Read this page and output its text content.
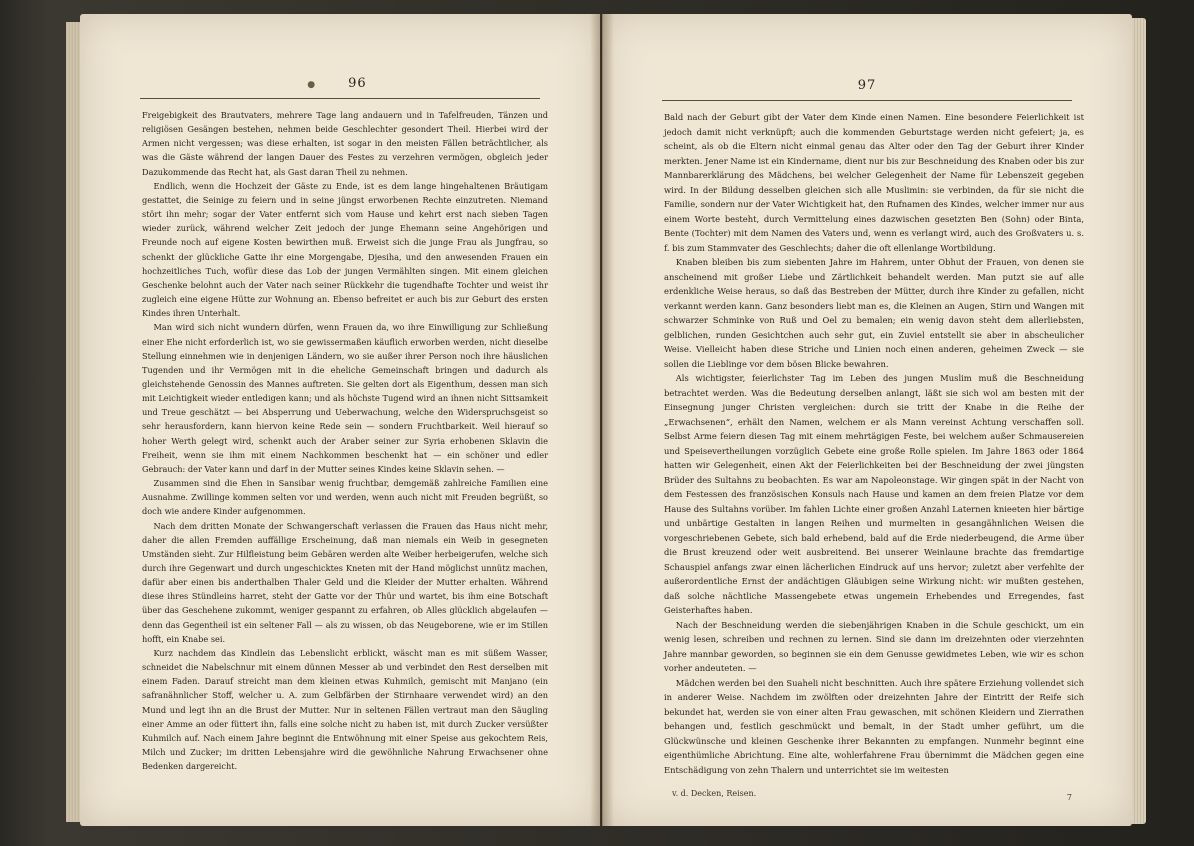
● 96

Freigebigkeit des Brautvaters, mehrere Tage lang andauern und in Tafelfreuden, Tänzen und religiösen Gesängen bestehen, nehmen beide Geschlechter gesondert Theil. Hierbei wird der Armen nicht vergessen; was diese erhalten, ist sogar in den meisten Fällen beträchtlicher, als was die Gäste während der langen Dauer des Festes zu verzehren vermögen, obgleich jeder Dazukommende das Recht hat, als Gast daran Theil zu nehmen.

Endlich, wenn die Hochzeit der Gäste zu Ende, ist es dem lange hingehaltenen Bräutigam gestattet, die Seinige zu feiern und in seine jüngst erworbenen Rechte einzutreten. Niemand stört ihn mehr; sogar der Vater entfernt sich vom Hause und kehrt erst nach sieben Tagen wieder zurück, während welcher Zeit jedoch der junge Ehemann seine Angehörigen und Freunde noch auf eigene Kosten bewirthen muß. Erweist sich die junge Frau als Jungfrau, so schenkt der glückliche Gatte ihr eine Morgengabe, Djesiha, und den anwesenden Frauen ein hochzeitliches Tuch, wofür diese das Lob der jungen Vermählten singen. Mit einem gleichen Geschenke belohnt auch der Vater nach seiner Rückkehr die tugendhafte Tochter und weist ihr zugleich eine eigene Hütte zur Wohnung an. Ebenso befreitet er auch bis zur Geburt des ersten Kindes ihren Unterhalt.

Man wird sich nicht wundern dürfen, wenn Frauen da, wo ihre Einwilligung zur Schließung einer Ehe nicht erforderlich ist, wo sie gewissermaßen käuflich erworben werden, nicht dieselbe Stellung einnehmen wie in denjenigen Ländern, wo sie außer ihrer Person noch ihre häuslichen Tugenden und ihr Vermögen mit in die eheliche Gemeinschaft bringen und dadurch als gleichstehende Genossin des Mannes auftreten. Sie gelten dort als Eigenthum, dessen man sich mit Leichtigkeit wieder entledigen kann; und als höchste Tugend wird an ihnen nicht Sittsamkeit und Treue geschätzt — bei Absperrung und Ueberwachung, welche den Widerspruchsgeist so sehr herausfordern, kann hiervon keine Rede sein — sondern Fruchtbarkeit. Weil hierauf so hoher Werth gelegt wird, schenkt auch der Araber seiner zur Syria erhobenen Sklavin die Freiheit, wenn sie ihm mit einem Nachkommen beschenkt hat — ein schöner und edler Gebrauch: der Vater kann und darf in der Mutter seines Kindes keine Sklavin sehen. —

Zusammen sind die Ehen in Sansibar wenig fruchtbar, demgemäß zahlreiche Familien eine Ausnahme. Zwillinge kommen selten vor und werden, wenn auch nicht mit Freuden begrüßt, so doch wie andere Kinder aufgenommen.

Nach dem dritten Monate der Schwangerschaft verlassen die Frauen das Haus nicht mehr, daher die allen Fremden auffällige Erscheinung, daß man niemals ein Weib in gesegneten Umständen sieht. Zur Hilfleistung beim Gebären werden alte Weiber herbeigerufen, welche sich durch ihre Gegenwart und durch ungeschicktes Kneten mit der Hand möglichst unnütz machen, dafür aber einen bis anderthalben Thaler Geld und die Kleider der Mutter erhalten. Während diese ihres Stündleins harret, steht der Gatte vor der Thür und wartet, bis ihm eine Botschaft über das Geschehene zukommt, weniger gespannt zu erfahren, ob Alles glücklich abgelaufen — denn das Gegentheil ist ein seltener Fall — als zu wissen, ob das Neugeborene, wie er im Stillen hofft, ein Knabe sei.

Kurz nachdem das Kindlein das Lebenslicht erblickt, wäscht man es mit süßem Wasser, schneidet die Nabelschnur mit einem dünnen Messer ab und verbindet den Rest derselben mit einem Faden. Darauf streicht man dem kleinen etwas Kuhmilch, gemischt mit Manjano (ein safranähnlicher Stoff, welcher u. A. zum Gelbfärben der Stirnhaare verwendet wird) an den Mund und legt ihn an die Brust der Mutter. Nur in seltenen Fällen vertraut man den Säugling einer Amme an oder füttert ihn, falls eine solche nicht zu haben ist, mit durch Zucker versüßter Kuhmilch auf. Nach einem Jahre beginnt die Entwöhnung mit einer Speise aus gekochtem Reis, Milch und Zucker; im dritten Lebensjahre wird die gewöhnliche Nahrung Erwachsener ohne Bedenken dargereicht.

97

Bald nach der Geburt gibt der Vater dem Kinde einen Namen. Eine besondere Feierlichkeit ist jedoch damit nicht verknüpft; auch die kommenden Geburtstage werden nicht gefeiert; ja, es scheint, als ob die Eltern nicht einmal genau das Alter oder den Tag der Geburt ihrer Kinder merkten. Jener Name ist ein Kindername, dient nur bis zur Beschneidung des Knaben oder bis zur Mannbarerklärung des Mädchens, bei welcher Gelegenheit der Name für Lebenszeit gegeben wird. In der Bildung desselben gleichen sich alle Muslimin: sie verbinden, da für sie nicht die Familie, sondern nur der Vater Wichtigkeit hat, den Rufnamen des Kindes, welcher immer nur aus einem Worte besteht, durch Vermittelung eines dazwischen gesetzten Ben (Sohn) oder Binta, Bente (Tochter) mit dem Namen des Vaters und, wenn es verlangt wird, auch des Großvaters u. s. f. bis zum Stammvater des Geschlechts; daher die oft ellenlange Wortbildung.

Knaben bleiben bis zum siebenten Jahre im Hahrem, unter Obhut der Frauen, von denen sie anscheinend mit großer Liebe und Zärtlichkeit behandelt werden. Man putzt sie auf alle erdenkliche Weise heraus, so daß das Bestreben der Mütter, durch ihre Kinder zu gefallen, nicht verkannt werden kann. Ganz besonders liebt man es, die Kleinen an Augen, Stirn und Wangen mit schwarzer Schminke von Ruß und Oel zu bemalen; ein wenig davon steht dem allerliebsten, gelblichen, runden Gesichtchen auch sehr gut, ein Zuviel entstellt sie aber in abscheulicher Weise. Vielleicht haben diese Striche und Linien noch einen anderen, geheimen Zweck — sie sollen die Lieblinge vor dem bösen Blicke bewahren.

Als wichtigster, feierlichster Tag im Leben des jungen Muslim muß die Beschneidung betrachtet werden. Was die Bedeutung derselben anlangt, läßt sie sich wol am besten mit der Einsegnung junger Christen vergleichen: durch sie tritt der Knabe in die Reihe der „Erwachsenen“, erhält den Namen, welchem er als Mann vereinst Achtung verschaffen soll. Selbst Arme feiern diesen Tag mit einem mehrtägigen Feste, bei welchem außer Schmausereien und Speisevertheilungen vorzüglich Gebete eine große Rolle spielen. Im Jahre 1863 oder 1864 hatten wir Gelegenheit, einen Akt der Feierlichkeiten bei der Beschneidung der zwei jüngsten Brüder des Sultahns zu beobachten. Es war am Napoleonstage. Wir gingen spät in der Nacht von dem Festessen des französischen Konsuls nach Hause und kamen an dem freien Platze vor dem Hause des Sultahns vorüber. Im fahlen Lichte einer großen Anzahl Laternen knieeten hier bärtige und unbärtige Gestalten in langen Reihen und murmelten in gesangähnlichen Weisen die vorgeschriebenen Gebete, sich bald erhebend, bald auf die Erde niederbeugend, die Arme über die Brust kreuzend oder weit ausbreitend. Bei unserer Weinlaune brachte das fremdartige Schauspiel anfangs zwar einen lächerlichen Eindruck auf uns hervor; zuletzt aber verfehlte der außerordentliche Ernst der andächtigen Gläubigen seine Wirkung nicht: wir mußten gestehen, daß solche nächtliche Massengebete etwas ungemein Erhebendes und Erregendes, fast Geisterhaftes haben.

Nach der Beschneidung werden die siebenjährigen Knaben in die Schule geschickt, um ein wenig lesen, schreiben und rechnen zu lernen. Sind sie dann im dreizehnten oder vierzehnten Jahre mannbar geworden, so beginnen sie ein dem Genusse gewidmetes Leben, wie wir es schon vorher andeuteten. —

Mädchen werden bei den Suaheli nicht beschnitten. Auch ihre spätere Erziehung vollendet sich in anderer Weise. Nachdem im zwölften oder dreizehnten Jahre der Eintritt der Reife sich bekundet hat, werden sie von einer alten Frau gewaschen, mit schönen Kleidern und Zierrathen behangen und, festlich geschmückt und bemalt, in der Stadt umher geführt, um die Glückwünsche und kleinen Geschenke ihrer Bekannten zu empfangen. Nunmehr beginnt eine eigenthümliche Abrichtung. Eine alte, wohlerfahrene Frau übernimmt die Mädchen gegen eine Entschädigung von zehn Thalern und unterrichtet sie im weitesten

v. d. Decken, Reisen.	7
